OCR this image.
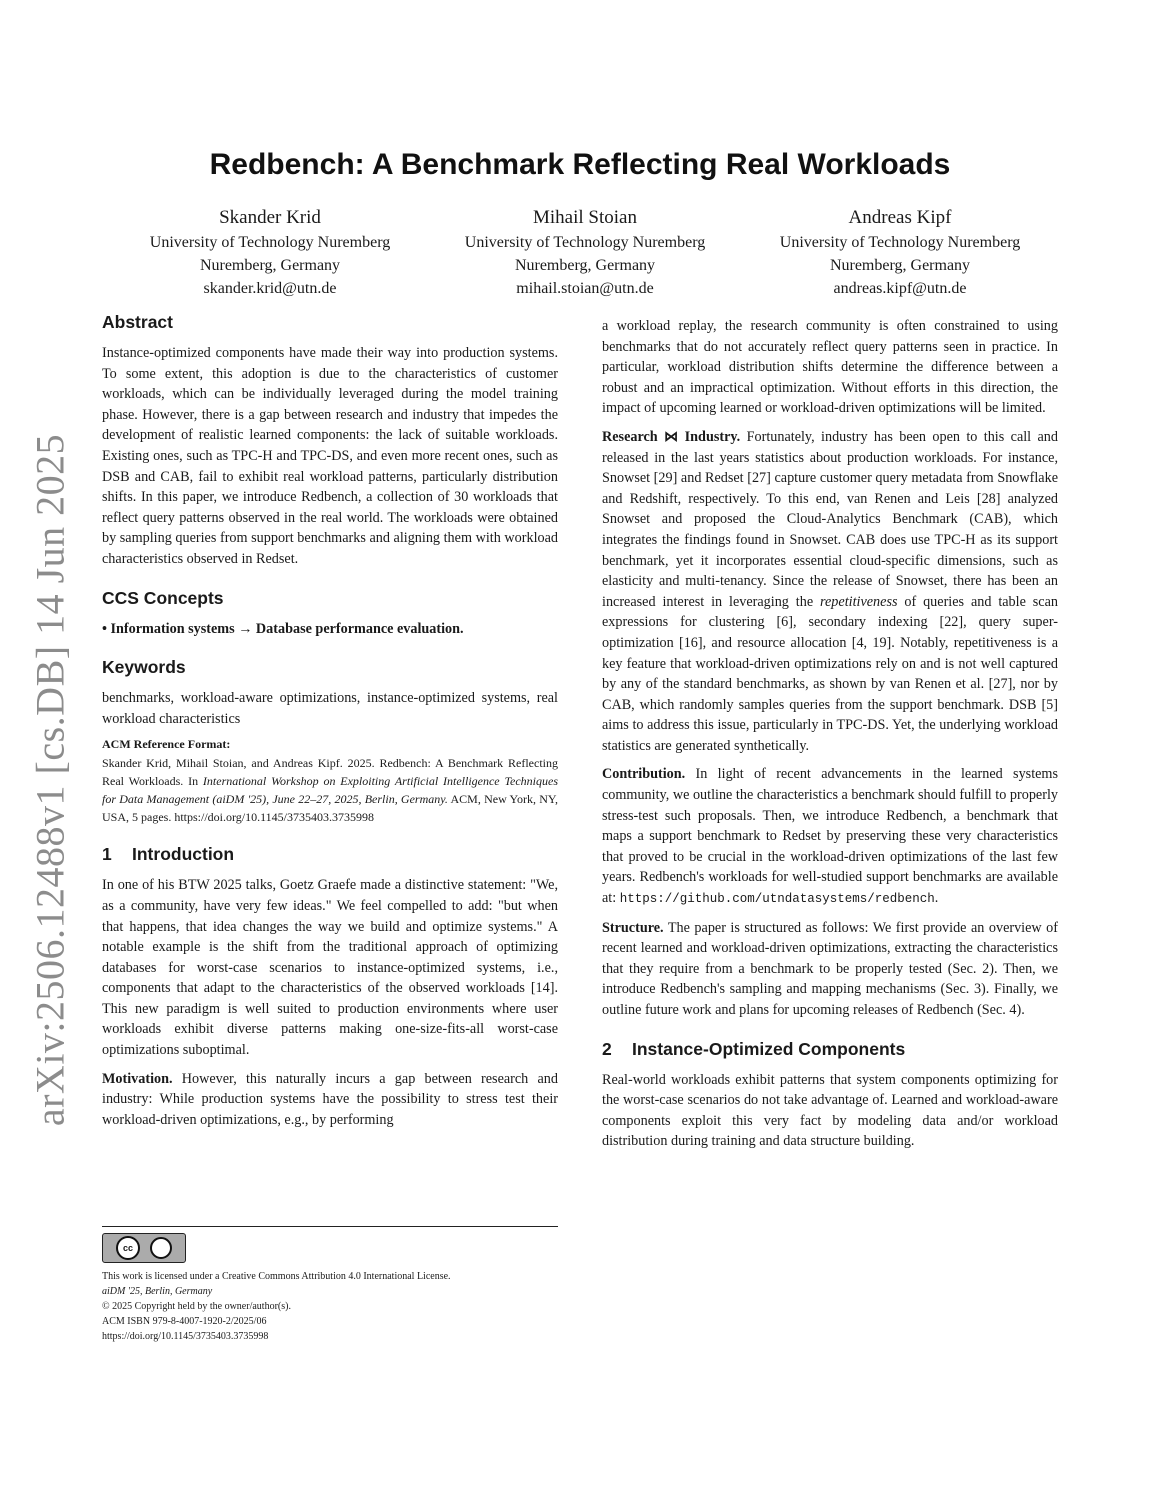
arXiv:2506.12488v1 [cs.DB] 14 Jun 2025
Redbench: A Benchmark Reflecting Real Workloads
Skander Krid
University of Technology Nuremberg
Nuremberg, Germany
skander.krid@utn.de
Mihail Stoian
University of Technology Nuremberg
Nuremberg, Germany
mihail.stoian@utn.de
Andreas Kipf
University of Technology Nuremberg
Nuremberg, Germany
andreas.kipf@utn.de
Abstract

Instance-optimized components have made their way into production systems. To some extent, this adoption is due to the characteristics of customer workloads, which can be individually leveraged during the model training phase. However, there is a gap between research and industry that impedes the development of realistic learned components: the lack of suitable workloads. Existing ones, such as TPC-H and TPC-DS, and even more recent ones, such as DSB and CAB, fail to exhibit real workload patterns, particularly distribution shifts. In this paper, we introduce Redbench, a collection of 30 workloads that reflect query patterns observed in the real world. The workloads were obtained by sampling queries from support benchmarks and aligning them with workload characteristics observed in Redset.

CCS Concepts

• Information systems → Database performance evaluation.

Keywords

benchmarks, workload-aware optimizations, instance-optimized systems, real workload characteristics

ACM Reference Format:

Skander Krid, Mihail Stoian, and Andreas Kipf. 2025. Redbench: A Benchmark Reflecting Real Workloads. In International Workshop on Exploiting Artificial Intelligence Techniques for Data Management (aiDM '25), June 22–27, 2025, Berlin, Germany. ACM, New York, NY, USA, 5 pages. https://doi.org/10.1145/3735403.3735998

1 Introduction

In one of his BTW 2025 talks, Goetz Graefe made a distinctive statement: "We, as a community, have very few ideas." We feel compelled to add: "but when that happens, that idea changes the way we build and optimize systems." A notable example is the shift from the traditional approach of optimizing databases for worst-case scenarios to instance-optimized systems, i.e., components that adapt to the characteristics of the observed workloads [14]. This new paradigm is well suited to production environments where user workloads exhibit diverse patterns making one-size-fits-all worst-case optimizations suboptimal.

Motivation. However, this naturally incurs a gap between research and industry: While production systems have the possibility to stress test their workload-driven optimizations, e.g., by performing

cc

This work is licensed under a Creative Commons Attribution 4.0 International License.

aiDM '25, Berlin, Germany

© 2025 Copyright held by the owner/author(s).

ACM ISBN 979-8-4007-1920-2/2025/06

https://doi.org/10.1145/3735403.3735998

a workload replay, the research community is often constrained to using benchmarks that do not accurately reflect query patterns seen in practice. In particular, workload distribution shifts determine the difference between a robust and an impractical optimization. Without efforts in this direction, the impact of upcoming learned or workload-driven optimizations will be limited.

Research ⋈ Industry. Fortunately, industry has been open to this call and released in the last years statistics about production workloads. For instance, Snowset [29] and Redset [27] capture customer query metadata from Snowflake and Redshift, respectively. To this end, van Renen and Leis [28] analyzed Snowset and proposed the Cloud-Analytics Benchmark (CAB), which integrates the findings found in Snowset. CAB does use TPC-H as its support benchmark, yet it incorporates essential cloud-specific dimensions, such as elasticity and multi-tenancy. Since the release of Snowset, there has been an increased interest in leveraging the repetitiveness of queries and table scan expressions for clustering [6], secondary indexing [22], query super-optimization [16], and resource allocation [4, 19]. Notably, repetitiveness is a key feature that workload-driven optimizations rely on and is not well captured by any of the standard benchmarks, as shown by van Renen et al. [27], nor by CAB, which randomly samples queries from the support benchmark. DSB [5] aims to address this issue, particularly in TPC-DS. Yet, the underlying workload statistics are generated synthetically.

Contribution. In light of recent advancements in the learned systems community, we outline the characteristics a benchmark should fulfill to properly stress-test such proposals. Then, we introduce Redbench, a benchmark that maps a support benchmark to Redset by preserving these very characteristics that proved to be crucial in the workload-driven optimizations of the last few years. Redbench's workloads for well-studied support benchmarks are available at: https://github.com/utndatasystems/redbench.

Structure. The paper is structured as follows: We first provide an overview of recent learned and workload-driven optimizations, extracting the characteristics that they require from a benchmark to be properly tested (Sec. 2). Then, we introduce Redbench's sampling and mapping mechanisms (Sec. 3). Finally, we outline future work and plans for upcoming releases of Redbench (Sec. 4).

2 Instance-Optimized Components

Real-world workloads exhibit patterns that system components optimizing for the worst-case scenarios do not take advantage of. Learned and workload-aware components exploit this very fact by modeling data and/or workload distribution during training and data structure building.
